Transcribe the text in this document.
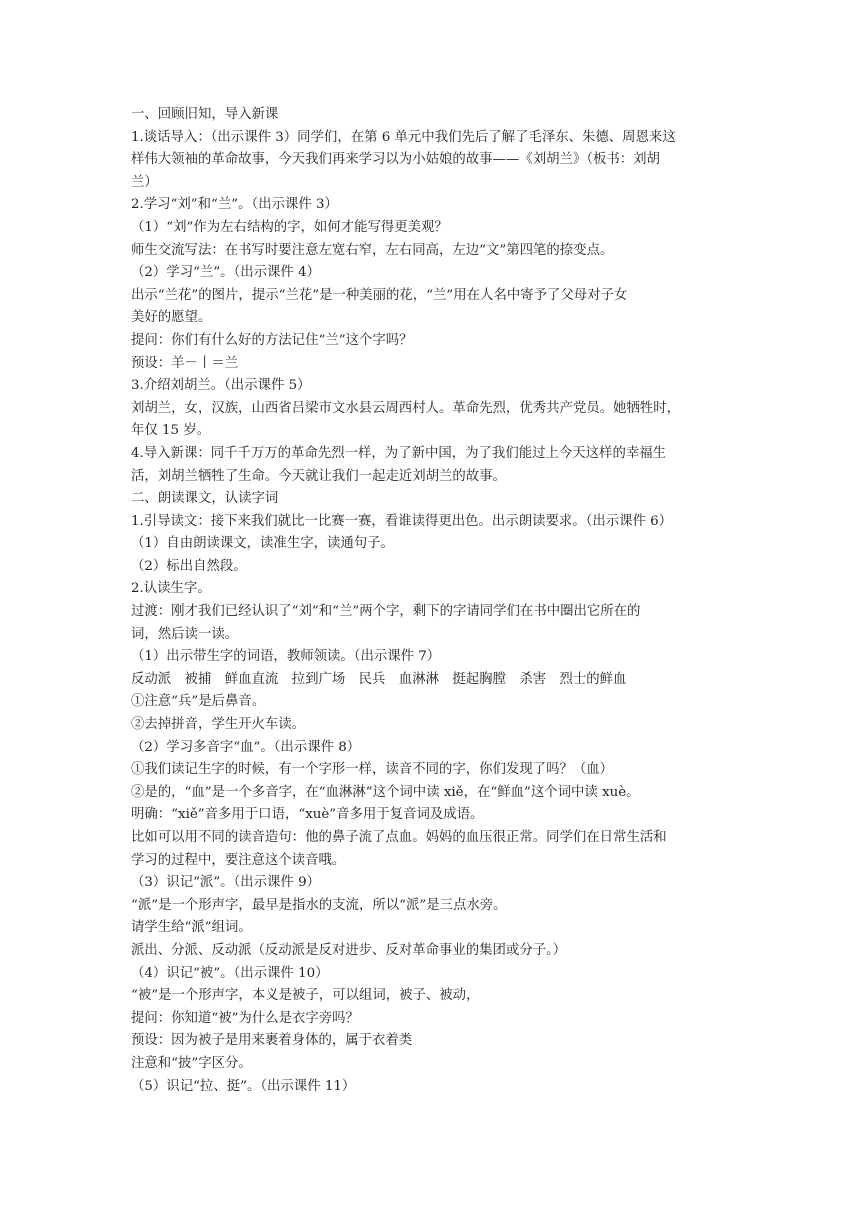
一、回顾旧知，导入新课
1.谈话导入：（出示课件 3）同学们，在第 6 单元中我们先后了解了毛泽东、朱德、周恩来这
样伟大领袖的革命故事，今天我们再来学习以为小姑娘的故事——《刘胡兰》（板书：刘胡
兰）
2.学习“刘”和“兰”。（出示课件 3）
（1）“刘”作为左右结构的字，如何才能写得更美观？
师生交流写法：在书写时要注意左宽右窄，左右同高，左边“文”第四笔的捺变点。
（2）学习“兰”。（出示课件 4）
出示“兰花”的图片，提示“兰花”是一种美丽的花，“兰”用在人名中寄予了父母对子女
美好的愿望。
提问：你们有什么好的方法记住“兰”这个字吗？
预设：羊－丨＝兰
3.介绍刘胡兰。（出示课件 5）
刘胡兰，女，汉族，山西省吕梁市文水县云周西村人。革命先烈，优秀共产党员。她牺牲时，
年仅 15 岁。
4.导入新课：同千千万万的革命先烈一样，为了新中国，为了我们能过上今天这样的幸福生
活，刘胡兰牺牲了生命。今天就让我们一起走近刘胡兰的故事。
二、朗读课文，认读字词
1.引导读文：接下来我们就比一比赛一赛，看谁读得更出色。出示朗读要求。（出示课件 6）
（1）自由朗读课文，读准生字，读通句子。
（2）标出自然段。
2.认读生字。
过渡：刚才我们已经认识了“刘”和“兰”两个字，剩下的字请同学们在书中圈出它所在的
词，然后读一读。
（1）出示带生字的词语，教师领读。（出示课件 7）
反动派　被捕　鲜血直流　拉到广场　民兵　血淋淋　挺起胸膛　杀害　烈士的鲜血
①注意“兵”是后鼻音。
②去掉拼音，学生开火车读。
（2）学习多音字“血”。（出示课件 8）
①我们读记生字的时候，有一个字形一样，读音不同的字，你们发现了吗？（血）
②是的，“血”是一个多音字，在“血淋淋”这个词中读 xiě，在“鲜血”这个词中读 xuè。
明确：“xiě”音多用于口语，“xuè”音多用于复音词及成语。
比如可以用不同的读音造句：他的鼻子流了点血。妈妈的血压很正常。同学们在日常生活和
学习的过程中，要注意这个读音哦。
（3）识记“派”。（出示课件 9）
“派”是一个形声字，最早是指水的支流，所以“派”是三点水旁。
请学生给“派”组词。
派出、分派、反动派（反动派是反对进步、反对革命事业的集团或分子。）
（4）识记“被”。（出示课件 10）
“被”是一个形声字，本义是被子，可以组词，被子、被动，
提问：你知道“被”为什么是衣字旁吗？
预设：因为被子是用来裹着身体的，属于衣着类
注意和“披”字区分。
（5）识记“拉、挺”。（出示课件 11）
